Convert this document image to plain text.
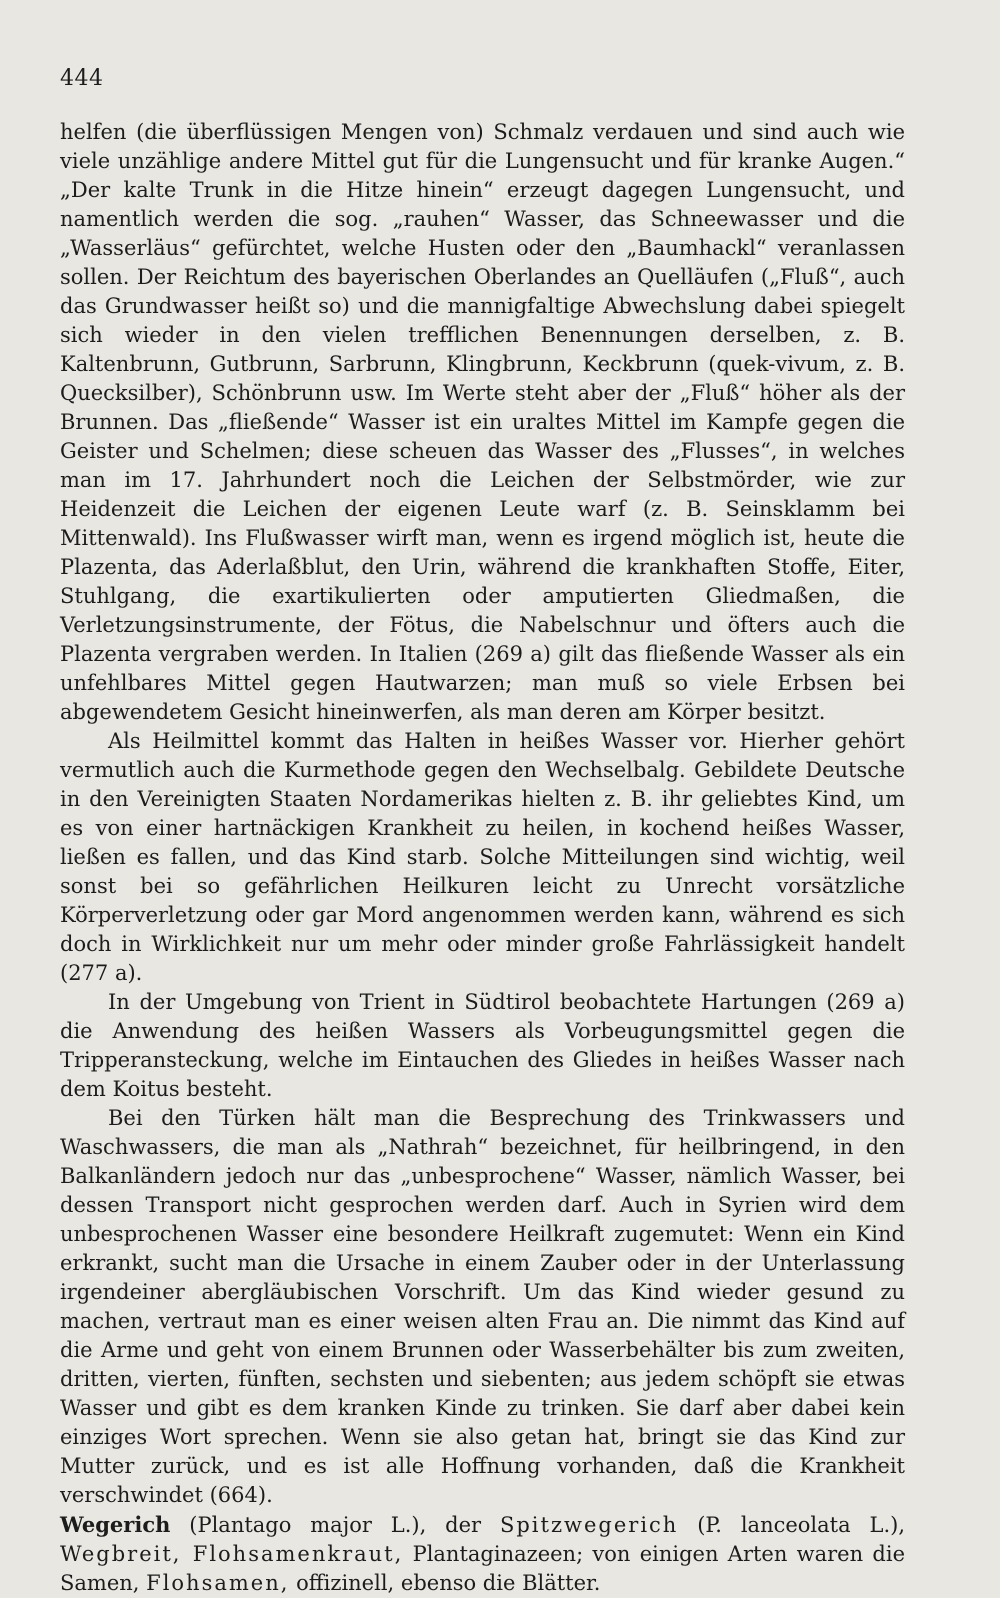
444

helfen (die überflüssigen Mengen von) Schmalz verdauen und sind auch wie viele unzählige andere Mittel gut für die Lungensucht und für kranke Augen.“ „Der kalte Trunk in die Hitze hinein“ erzeugt dagegen Lungensucht, und namentlich werden die sog. „rauhen“ Wasser, das Schneewasser und die „Wasserläus“ gefürchtet, welche Husten oder den „Baumhackl“ veranlassen sollen. Der Reichtum des bayerischen Oberlandes an Quelläufen („Fluß“, auch das Grundwasser heißt so) und die mannigfaltige Abwechslung dabei spiegelt sich wieder in den vielen trefflichen Benennungen derselben, z. B. Kaltenbrunn, Gutbrunn, Sarbrunn, Klingbrunn, Keckbrunn (quek-vivum, z. B. Quecksilber), Schönbrunn usw. Im Werte steht aber der „Fluß“ höher als der Brunnen. Das „fließende“ Wasser ist ein uraltes Mittel im Kampfe gegen die Geister und Schelmen; diese scheuen das Wasser des „Flusses“, in welches man im 17. Jahrhundert noch die Leichen der Selbstmörder, wie zur Heidenzeit die Leichen der eigenen Leute warf (z. B. Seinsklamm bei Mittenwald). Ins Flußwasser wirft man, wenn es irgend möglich ist, heute die Plazenta, das Aderlaßblut, den Urin, während die krankhaften Stoffe, Eiter, Stuhlgang, die exartikulierten oder amputierten Gliedmaßen, die Verletzungsinstrumente, der Fötus, die Nabelschnur und öfters auch die Plazenta vergraben werden. In Italien (269 a) gilt das fließende Wasser als ein unfehlbares Mittel gegen Hautwarzen; man muß so viele Erbsen bei abgewendetem Gesicht hineinwerfen, als man deren am Körper besitzt.

Als Heilmittel kommt das Halten in heißes Wasser vor. Hierher gehört vermutlich auch die Kurmethode gegen den Wechselbalg. Gebildete Deutsche in den Vereinigten Staaten Nordamerikas hielten z. B. ihr geliebtes Kind, um es von einer hartnäckigen Krankheit zu heilen, in kochend heißes Wasser, ließen es fallen, und das Kind starb. Solche Mitteilungen sind wichtig, weil sonst bei so gefährlichen Heilkuren leicht zu Unrecht vorsätzliche Körperverletzung oder gar Mord angenommen werden kann, während es sich doch in Wirklichkeit nur um mehr oder minder große Fahrlässigkeit handelt (277 a).

In der Umgebung von Trient in Südtirol beobachtete Hartungen (269 a) die Anwendung des heißen Wassers als Vorbeugungsmittel gegen die Tripperansteckung, welche im Eintauchen des Gliedes in heißes Wasser nach dem Koitus besteht.

Bei den Türken hält man die Besprechung des Trinkwassers und Waschwassers, die man als „Nathrah“ bezeichnet, für heilbringend, in den Balkanländern jedoch nur das „unbesprochene“ Wasser, nämlich Wasser, bei dessen Transport nicht gesprochen werden darf. Auch in Syrien wird dem unbesprochenen Wasser eine besondere Heilkraft zugemutet: Wenn ein Kind erkrankt, sucht man die Ursache in einem Zauber oder in der Unterlassung irgendeiner abergläubischen Vorschrift. Um das Kind wieder gesund zu machen, vertraut man es einer weisen alten Frau an. Die nimmt das Kind auf die Arme und geht von einem Brunnen oder Wasserbehälter bis zum zweiten, dritten, vierten, fünften, sechsten und siebenten; aus jedem schöpft sie etwas Wasser und gibt es dem kranken Kinde zu trinken. Sie darf aber dabei kein einziges Wort sprechen. Wenn sie also getan hat, bringt sie das Kind zur Mutter zurück, und es ist alle Hoffnung vorhanden, daß die Krankheit verschwindet (664).

Wegerich (Plantago major L.), der Spitzwegerich (P. lanceolata L.), Wegbreit, Flohsamenkraut, Plantaginazeen; von einigen Arten waren die Samen, Flohsamen, offizinell, ebenso die Blätter.
